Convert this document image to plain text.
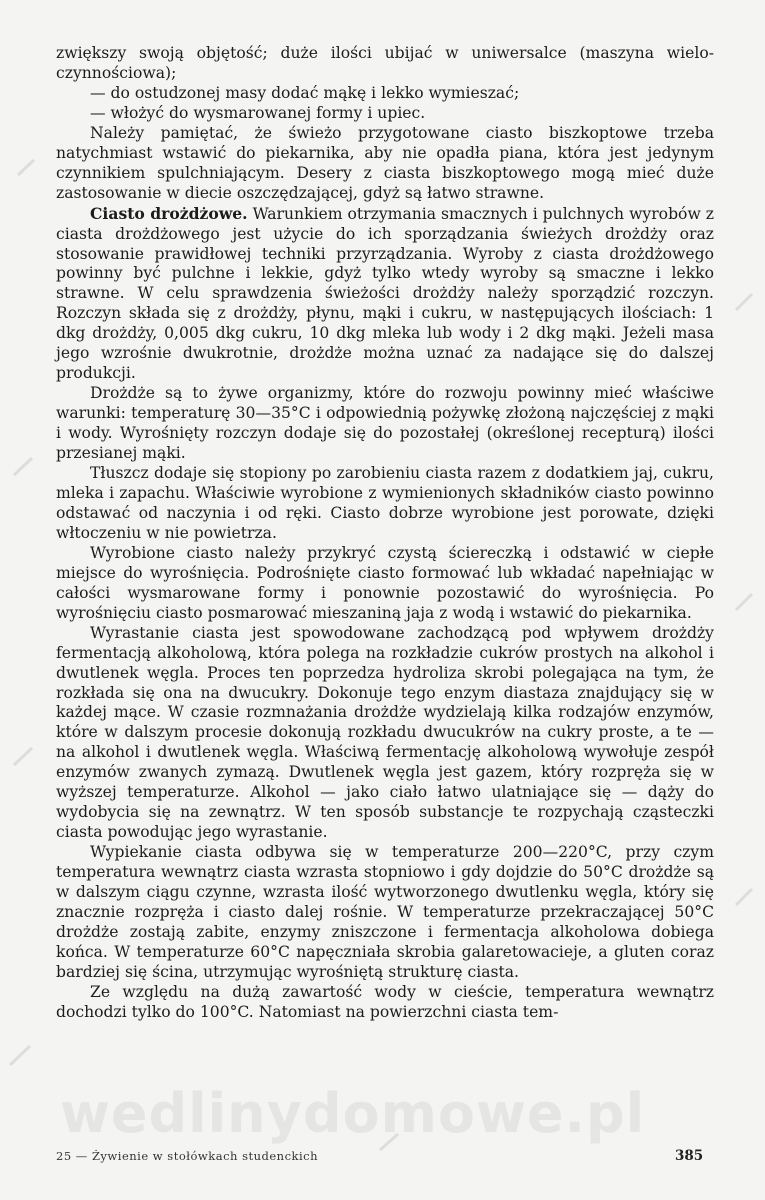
zwiększy swoją objętość; duże ilości ubijać w uniwersalce (maszyna wieloczynnościowa);

— do ostudzonej masy dodać mąkę i lekko wymieszać;

— włożyć do wysmarowanej formy i upiec.

Należy pamiętać, że świeżo przygotowane ciasto biszkoptowe trzeba natychmiast wstawić do piekarnika, aby nie opadła piana, która jest jedynym czynnikiem spulchniającym. Desery z ciasta biszkoptowego mogą mieć duże zastosowanie w diecie oszczędzającej, gdyż są łatwo strawne.

Ciasto drożdżowe. Warunkiem otrzymania smacznych i pulchnych wyrobów z ciasta drożdżowego jest użycie do ich sporządzania świeżych drożdży oraz stosowanie prawidłowej techniki przyrządzania. Wyroby z ciasta drożdżowego powinny być pulchne i lekkie, gdyż tylko wtedy wyroby są smaczne i lekko strawne. W celu sprawdzenia świeżości drożdży należy sporządzić rozczyn. Rozczyn składa się z drożdży, płynu, mąki i cukru, w następujących ilościach: 1 dkg drożdży, 0,005 dkg cukru, 10 dkg mleka lub wody i 2 dkg mąki. Jeżeli masa jego wzrośnie dwukrotnie, drożdże można uznać za nadające się do dalszej produkcji.

Drożdże są to żywe organizmy, które do rozwoju powinny mieć właściwe warunki: temperaturę 30—35°C i odpowiednią pożywkę złożoną najczęściej z mąki i wody. Wyrośnięty rozczyn dodaje się do pozostałej (określonej recepturą) ilości przesianej mąki.

Tłuszcz dodaje się stopiony po zarobieniu ciasta razem z dodatkiem jaj, cukru, mleka i zapachu. Właściwie wyrobione z wymienionych składników ciasto powinno odstawać od naczynia i od ręki. Ciasto dobrze wyrobione jest porowate, dzięki włtoczeniu w nie powietrza.

Wyrobione ciasto należy przykryć czystą ściereczką i odstawić w ciepłe miejsce do wyrośnięcia. Podrośnięte ciasto formować lub wkładać napełniając w całości wysmarowane formy i ponownie pozostawić do wyrośnięcia. Po wyrośnięciu ciasto posmarować mieszaniną jaja z wodą i wstawić do piekarnika.

Wyrastanie ciasta jest spowodowane zachodzącą pod wpływem drożdży fermentacją alkoholową, która polega na rozkładzie cukrów prostych na alkohol i dwutlenek węgla. Proces ten poprzedza hydroliza skrobi polegająca na tym, że rozkłada się ona na dwucukry. Dokonuje tego enzym diastaza znajdujący się w każdej mące. W czasie rozmnażania drożdże wydzielają kilka rodzajów enzymów, które w dalszym procesie dokonują rozkładu dwucukrów na cukry proste, a te — na alkohol i dwutlenek węgla. Właściwą fermentację alkoholową wywołuje zespół enzymów zwanych zymazą. Dwutlenek węgla jest gazem, który rozpręża się w wyższej temperaturze. Alkohol — jako ciało łatwo ulatniające się — dąży do wydobycia się na zewnątrz. W ten sposób substancje te rozpychają cząsteczki ciasta powodując jego wyrastanie.

Wypiekanie ciasta odbywa się w temperaturze 200—220°C, przy czym temperatura wewnątrz ciasta wzrasta stopniowo i gdy dojdzie do 50°C drożdże są w dalszym ciągu czynne, wzrasta ilość wytworzonego dwutlenku węgla, który się znacznie rozpręża i ciasto dalej rośnie. W temperaturze przekraczającej 50°C drożdże zostają zabite, enzymy zniszczone i fermentacja alkoholowa dobiega końca. W temperaturze 60°C napęczniała skrobia galaretowacieje, a gluten coraz bardziej się ścina, utrzymując wyrośniętą strukturę ciasta.

Ze względu na dużą zawartość wody w cieście, temperatura wewnątrz dochodzi tylko do 100°C. Natomiast na powierzchni ciasta tem-

wedlinydomowe.pl
25 — Żywienie w stołówkach studenckich	385
